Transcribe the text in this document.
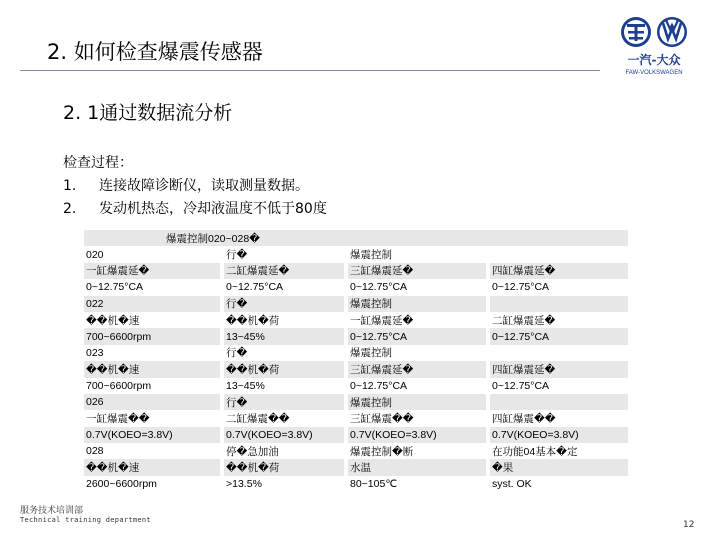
2. 如何检查爆震传感器	一汽-大众
FAW-VOLKSWAGEN
2. 1通过数据流分析
检查过程：
1. 连接故障诊断仪，读取测量数据。
2. 发动机热态，冷却液温度不低于80度
爆震控制020~028�						
020		行�		爆震控制		
一缸爆震延�		二缸爆震延�		三缸爆震延�		四缸爆震延�
0~12.75°CA		0~12.75°CA		0~12.75°CA		0~12.75°CA
022		行�		爆震控制		
��机�速		��机�荷		一缸爆震延�		二缸爆震延�
700~6600rpm		13~45%		0~12.75°CA		0~12.75°CA
023		行�		爆震控制		
��机�速		��机�荷		三缸爆震延�		四缸爆震延�
700~6600rpm		13~45%		0~12.75°CA		0~12.75°CA
026		行�		爆震控制		
一缸爆震��		二缸爆震��		三缸爆震��		四缸爆震��
0.7V(KOEO=3.8V)		0.7V(KOEO=3.8V)		0.7V(KOEO=3.8V)		0.7V(KOEO=3.8V)
028		停�急加油		爆震控制�断		在功能04基本�定
��机�速		��机�荷		水温		�果
2600~6600rpm		>13.5%		80~105℃		syst. OK
服务技术培训部
Technical training department	12
